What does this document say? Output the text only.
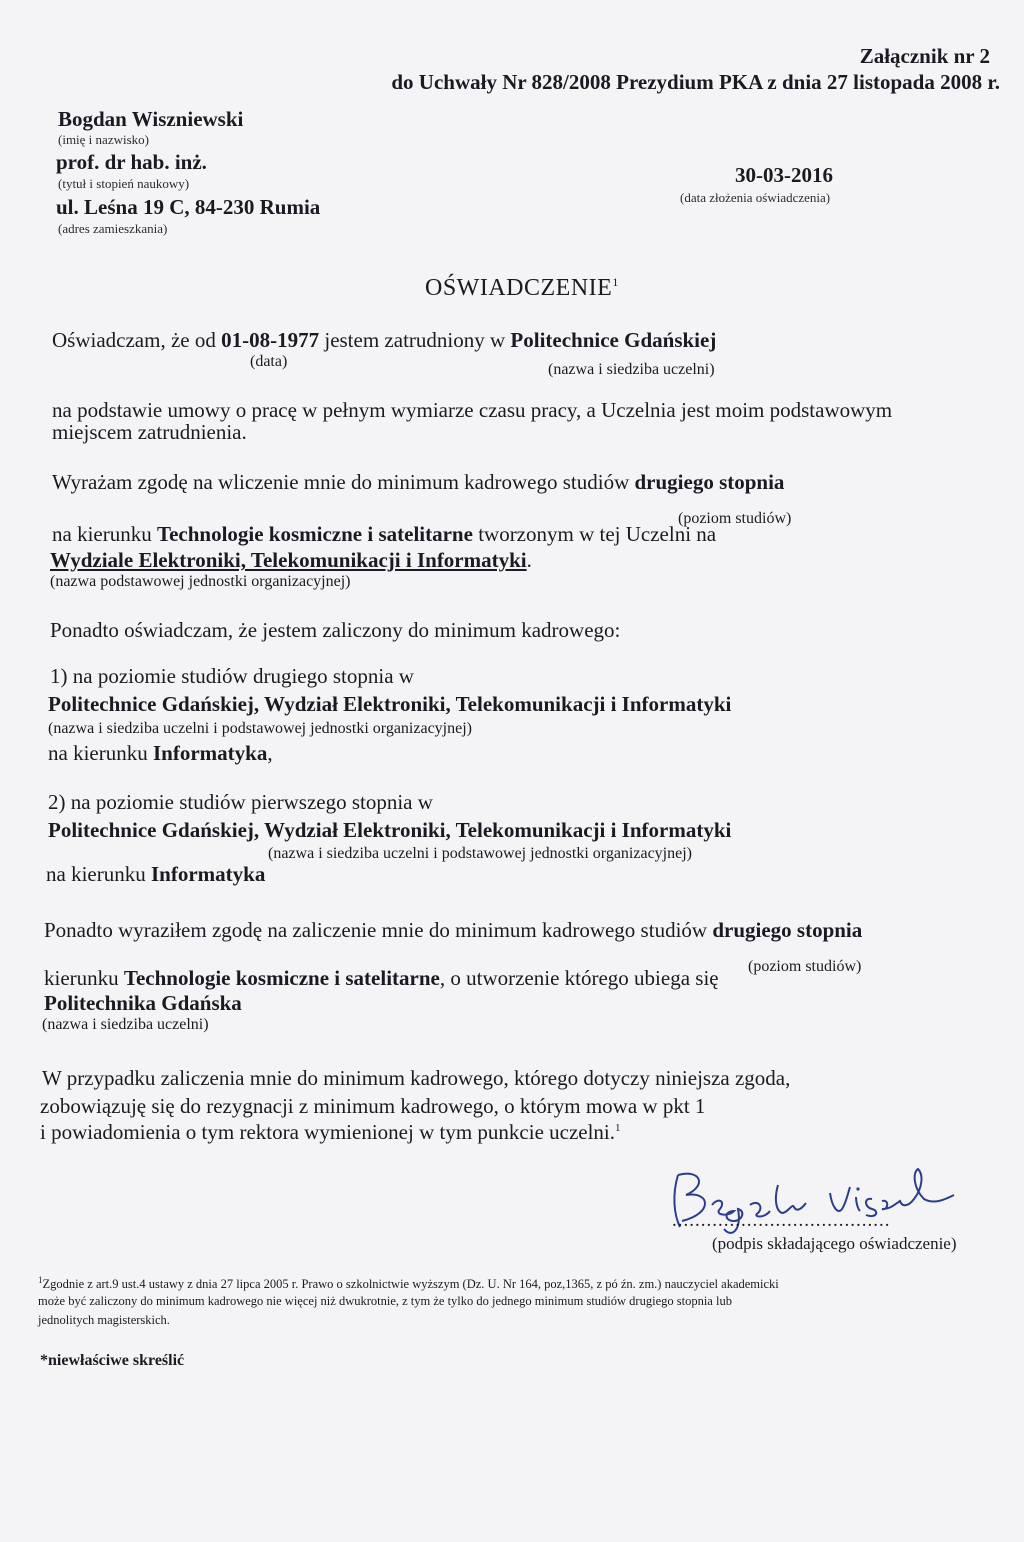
Załącznik nr 2
do Uchwały Nr 828/2008 Prezydium PKA z dnia 27 listopada 2008 r.
Bogdan Wiszniewski
(imię i nazwisko)
prof. dr hab. inż.
(tytuł i stopień naukowy)
ul. Leśna 19 C, 84-230 Rumia
(adres zamieszkania)
30-03-2016
(data złożenia oświadczenia)
OŚWIADCZENIE$^1$
Oświadczam, że od 01-08-1977 jestem zatrudniony w Politechnice Gdańskiej
(data)	(nazwa i siedziba uczelni)
na podstawie umowy o pracę w pełnym wymiarze czasu pracy, a Uczelnia jest moim podstawowym
miejscem zatrudnienia.
Wyrażam zgodę na wliczenie mnie do minimum kadrowego studiów drugiego stopnia
(poziom studiów)
na kierunku Technologie kosmiczne i satelitarne tworzonym w tej Uczelni na
Wydziale Elektroniki, Telekomunikacji i Informatyki.
(nazwa podstawowej jednostki organizacyjnej)
Ponadto oświadczam, że jestem zaliczony do minimum kadrowego:
1) na poziomie studiów drugiego stopnia w
Politechnice Gdańskiej, Wydział Elektroniki, Telekomunikacji i Informatyki
(nazwa i siedziba uczelni i podstawowej jednostki organizacyjnej)
na kierunku Informatyka,
2) na poziomie studiów pierwszego stopnia w
Politechnice Gdańskiej, Wydział Elektroniki, Telekomunikacji i Informatyki
(nazwa i siedziba uczelni i podstawowej jednostki organizacyjnej)
na kierunku Informatyka
Ponadto wyraziłem zgodę na zaliczenie mnie do minimum kadrowego studiów drugiego stopnia
(poziom studiów)
kierunku Technologie kosmiczne i satelitarne, o utworzenie którego ubiega się
Politechnika Gdańska
(nazwa i siedziba uczelni)
W przypadku zaliczenia mnie do minimum kadrowego, którego dotyczy niniejsza zgoda,
zobowiązuję się do rezygnacji z minimum kadrowego, o którym mowa w pkt 1
i powiadomienia o tym rektora wymienionej w tym punkcie uczelni.$^1$
......................................
(podpis składającego oświadczenie)
$^1$Zgodnie z art.9 ust.4 ustawy z dnia 27 lipca 2005 r. Prawo o szkolnictwie wyższym (Dz. U. Nr 164, poz,1365, z pó źn. zm.) nauczyciel akademicki
może być zaliczony do minimum kadrowego nie więcej niż dwukrotnie, z tym że tylko do jednego minimum studiów drugiego stopnia lub
jednolitych magisterskich.
*niewłaściwe skreślić
